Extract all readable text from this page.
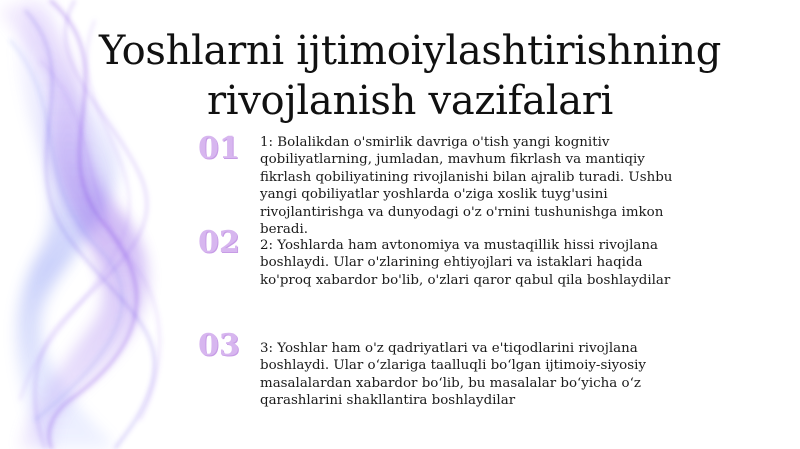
Yoshlarni ijtimoiylashtirishning
rivojlanish vazifalari
01	1: Bolalikdan o'smirlik davriga o'tish yangi kognitiv qobiliyatlarning, jumladan, mavhum fikrlash va mantiqiy fikrlash qobiliyatining rivojlanishi bilan ajralib turadi. Ushbu yangi qobiliyatlar yoshlarda o'ziga xoslik tuyg'usini rivojlantirishga va dunyodagi o'z o'rnini tushunishga imkon beradi.
02	2: Yoshlarda ham avtonomiya va mustaqillik hissi rivojlana boshlaydi. Ular o'zlarining ehtiyojlari va istaklari haqida ko'proq xabardor bo'lib, o'zlari qaror qabul qila boshlaydilar
03	3: Yoshlar ham o'z qadriyatlari va e'tiqodlarini rivojlana boshlaydi. Ular o‘zlariga taalluqli bo‘lgan ijtimoiy-siyosiy masalalardan xabardor bo‘lib, bu masalalar bo‘yicha o‘z qarashlarini shakllantira boshlaydilar
